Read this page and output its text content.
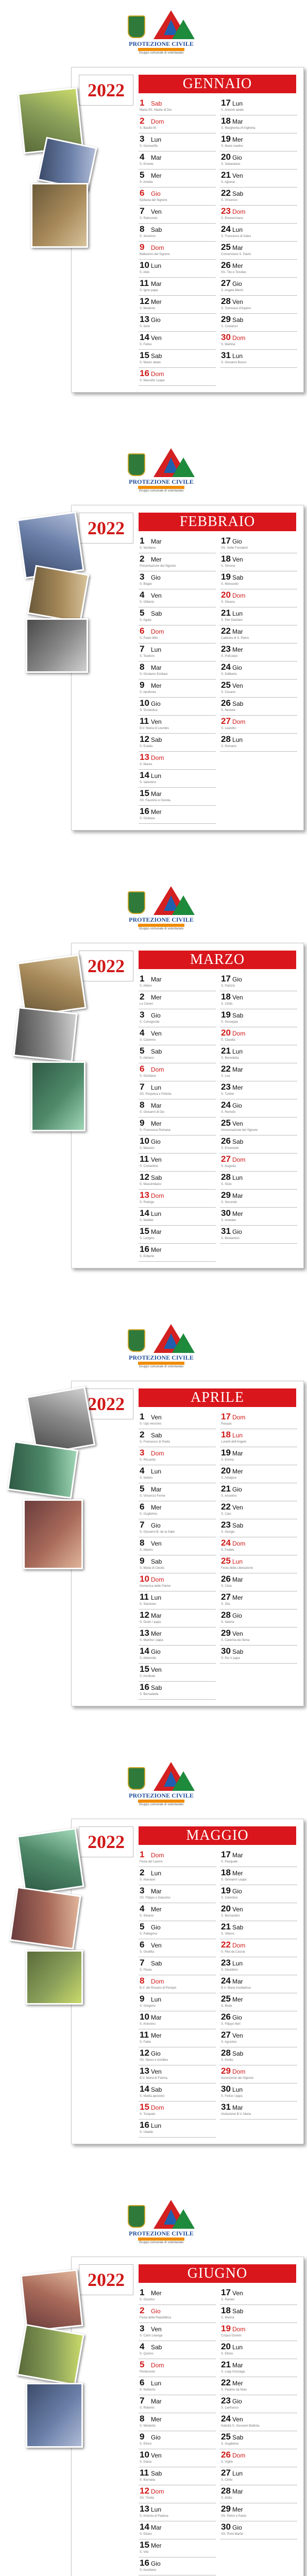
PROTEZIONE CIVILE
Gruppo comunale di volontariato
2022	GENNAIO
1 Sab
Maria SS. Madre di Dio
2 Dom
S. Basilio M.
3 Lun
S. Genoveffa
4 Mar
S. Ermete
5 Mer
S. Amelia
6 Gio
Epifania del Signore
7 Ven
S. Raimondo
8 Sab
S. Severino
9 Dom
Battesimo del Signore
10 Lun
S. Aldo
11 Mar
S. Igino papa
12 Mer
S. Modesto
13 Gio
S. Ilario
14 Ven
S. Felice
15 Sab
S. Mauro abate
16 Dom
S. Marcello I papa
17 Lun
S. Antonio abate
18 Mar
S. Margherita d'Ungheria
19 Mer
S. Mario martire
20 Gio
S. Sebastiano
21 Ven
S. Agnese
22 Sab
S. Vincenzo
23 Dom
S. Emerenziana
24 Lun
S. Francesco di Sales
25 Mar
Conversione S. Paolo
26 Mer
SS. Tito e Timoteo
27 Gio
S. Angela Merici
28 Ven
S. Tommaso d'Aquino
29 Sab
S. Costanzo
30 Dom
S. Martina
31 Lun
S. Giovanni Bosco
PROTEZIONE CIVILE
Gruppo comunale di volontariato
2022	FEBBRAIO
1 Mar
S. Verdiana
2 Mer
Presentazione del Signore
3 Gio
S. Biagio
4 Ven
S. Gilberto
5 Sab
S. Agata
6 Dom
S. Paolo Miki
7 Lun
S. Teodoro
8 Mar
S. Girolamo Emiliani
9 Mer
S. Apollonia
10 Gio
S. Scolastica
11 Ven
B.V. Maria di Lourdes
12 Sab
S. Eulalia
13 Dom
S. Maura
14 Lun
S. Valentino
15 Mar
SS. Faustino e Giovita
16 Mer
S. Giuliana
17 Gio
SS. Sette Fondatori
18 Ven
S. Simone
19 Sab
S. Mansueto
20 Dom
S. Silvano
21 Lun
S. Pier Damiani
22 Mar
Cattedra di S. Pietro
23 Mer
S. Policarpo
24 Gio
S. Edilberto
25 Ven
S. Cesario
26 Sab
S. Nestore
27 Dom
S. Leandro
28 Lun
S. Romano
PROTEZIONE CIVILE
Gruppo comunale di volontariato
2022	MARZO
1 Mar
S. Albino
2 Mer
Le Ceneri
3 Gio
S. Cunegonda
4 Ven
S. Casimiro
5 Sab
S. Adriano
6 Dom
S. Giordano
7 Lun
SS. Perpetua e Felicita
8 Mar
S. Giovanni di Dio
9 Mer
S. Francesca Romana
10 Gio
S. Macario
11 Ven
S. Costantino
12 Sab
S. Massimiliano
13 Dom
S. Rodrigo
14 Lun
S. Matilde
15 Mar
S. Longino
16 Mer
S. Eriberto
17 Gio
S. Patrizio
18 Ven
S. Cirillo
19 Sab
S. Giuseppe
20 Dom
S. Claudia
21 Lun
S. Benedetta
22 Mar
S. Lea
23 Mer
S. Turibio
24 Gio
S. Romolo
25 Ven
Annunciazione del Signore
26 Sab
S. Emanuele
27 Dom
S. Augusto
28 Lun
S. Sisto
29 Mar
S. Secondo
30 Mer
S. Amedeo
31 Gio
S. Beniamino
PROTEZIONE CIVILE
Gruppo comunale di volontariato
2022	APRILE
1 Ven
S. Ugo vescovo
2 Sab
S. Francesco di Paola
3 Dom
S. Riccardo
4 Lun
S. Isidoro
5 Mar
S. Vincenzo Ferrer
6 Mer
S. Guglielmo
7 Gio
S. Giovanni B. de la Salle
8 Ven
S. Alberto
9 Sab
S. Maria di Cleofa
10 Dom
Domenica delle Palme
11 Lun
S. Stanislao
12 Mar
S. Giulio I papa
13 Mer
S. Martino I papa
14 Gio
S. Abbondio
15 Ven
S. Annibale
16 Sab
S. Bernadette
17 Dom
Pasqua
18 Lun
Lunedì dell'Angelo
19 Mar
S. Emma
20 Mer
S. Adalgisa
21 Gio
S. Anselmo
22 Ven
S. Caio
23 Sab
S. Giorgio
24 Dom
S. Fedele
25 Lun
Festa della Liberazione
26 Mar
S. Cleto
27 Mer
S. Zita
28 Gio
S. Valeria
29 Ven
S. Caterina da Siena
30 Sab
S. Pio V papa
PROTEZIONE CIVILE
Gruppo comunale di volontariato
2022	MAGGIO
1 Dom
Festa del Lavoro
2 Lun
S. Atanasio
3 Mar
SS. Filippo e Giacomo
4 Mer
S. Silvano
5 Gio
S. Pellegrino
6 Ven
S. Giuditta
7 Sab
S. Flavia
8 Dom
B.V. del Rosario di Pompei
9 Lun
S. Gregorio
10 Mar
S. Antonino
11 Mer
S. Fabio
12 Gio
SS. Nereo e Achilleo
13 Ven
B.V. Maria di Fatima
14 Sab
S. Mattia apostolo
15 Dom
S. Torquato
16 Lun
S. Ubaldo
17 Mar
S. Pasquale
18 Mer
S. Giovanni I papa
19 Gio
S. Celestino
20 Ven
S. Bernardino
21 Sab
S. Vittorio
22 Dom
S. Rita da Cascia
23 Lun
S. Desiderio
24 Mar
B.V. Maria Ausiliatrice
25 Mer
S. Beda
26 Gio
S. Filippo Neri
27 Ven
S. Agostino
28 Sab
S. Emilio
29 Dom
Ascensione del Signore
30 Lun
S. Felice I papa
31 Mar
Visitazione B.V. Maria
PROTEZIONE CIVILE
Gruppo comunale di volontariato
2022	GIUGNO
1 Mer
S. Giustino
2 Gio
Festa della Repubblica
3 Ven
S. Carlo Lwanga
4 Sab
S. Quirino
5 Dom
Pentecoste
6 Lun
S. Norberto
7 Mar
S. Roberto
8 Mer
S. Medardo
9 Gio
S. Efrem
10 Ven
S. Diana
11 Sab
S. Barnaba
12 Dom
SS. Trinità
13 Lun
S. Antonio di Padova
14 Mar
S. Eliseo
15 Mer
S. Vito
16 Gio
S. Aureliano
17 Ven
S. Ranieri
18 Sab
S. Marina
19 Dom
Corpus Domini
20 Lun
S. Ettore
21 Mar
S. Luigi Gonzaga
22 Mer
S. Paolino da Nola
23 Gio
S. Lanfranco
24 Ven
Natività S. Giovanni Battista
25 Sab
S. Guglielmo
26 Dom
S. Vigilio
27 Lun
S. Cirillo
28 Mar
S. Attilio
29 Mer
SS. Pietro e Paolo
30 Gio
SS. Primi Martiri
